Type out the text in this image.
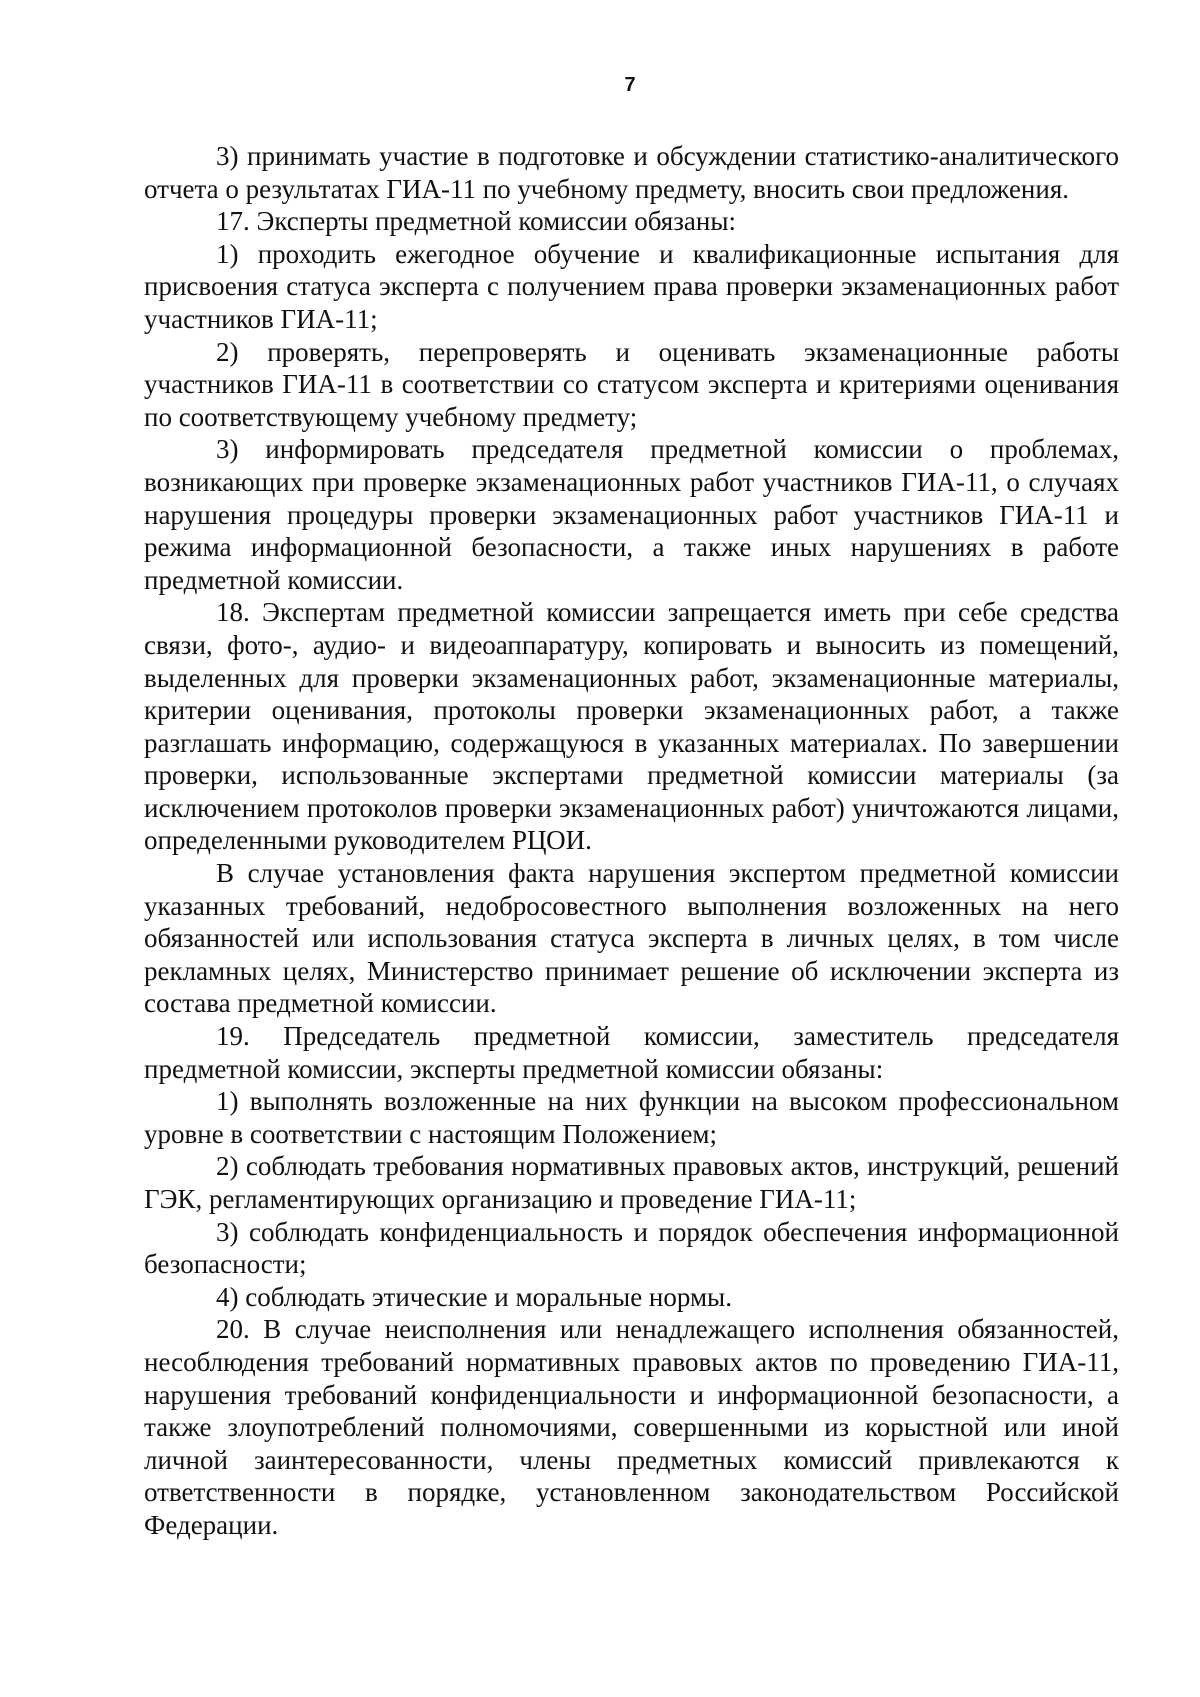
7

3) принимать участие в подготовке и обсуждении статистико-аналитического отчета о результатах ГИА-11 по учебному предмету, вносить свои предложения.

17. Эксперты предметной комиссии обязаны:

1) проходить ежегодное обучение и квалификационные испытания для присвоения статуса эксперта с получением права проверки экзаменационных работ участников ГИА-11;

2) проверять, перепроверять и оценивать экзаменационные работы участников ГИА-11 в соответствии со статусом эксперта и критериями оценивания по соответствующему учебному предмету;

3) информировать председателя предметной комиссии о проблемах, возникающих при проверке экзаменационных работ участников ГИА-11, о случаях нарушения процедуры проверки экзаменационных работ участников ГИА-11 и режима информационной безопасности, а также иных нарушениях в работе предметной комиссии.

18. Экспертам предметной комиссии запрещается иметь при себе средства связи, фото-, аудио- и видеоаппаратуру, копировать и выносить из помещений, выделенных для проверки экзаменационных работ, экзаменационные материалы, критерии оценивания, протоколы проверки экзаменационных работ, а также разглашать информацию, содержащуюся в указанных материалах. По завершении проверки, использованные экспертами предметной комиссии материалы (за исключением протоколов проверки экзаменационных работ) уничтожаются лицами, определенными руководителем РЦОИ.

В случае установления факта нарушения экспертом предметной комиссии указанных требований, недобросовестного выполнения возложенных на него обязанностей или использования статуса эксперта в личных целях, в том числе рекламных целях, Министерство принимает решение об исключении эксперта из состава предметной комиссии.

19. Председатель предметной комиссии, заместитель председателя предметной комиссии, эксперты предметной комиссии обязаны:

1) выполнять возложенные на них функции на высоком профессиональном уровне в соответствии с настоящим Положением;

2) соблюдать требования нормативных правовых актов, инструкций, решений ГЭК, регламентирующих организацию и проведение ГИА-11;

3) соблюдать конфиденциальность и порядок обеспечения информационной безопасности;

4) соблюдать этические и моральные нормы.

20. В случае неисполнения или ненадлежащего исполнения обязанностей, несоблюдения требований нормативных правовых актов по проведению ГИА-11, нарушения требований конфиденциальности и информационной безопасности, а также злоупотреблений полномочиями, совершенными из корыстной или иной личной заинтересованности, члены предметных комиссий привлекаются к ответственности в порядке, установленном законодательством Российской Федерации.
